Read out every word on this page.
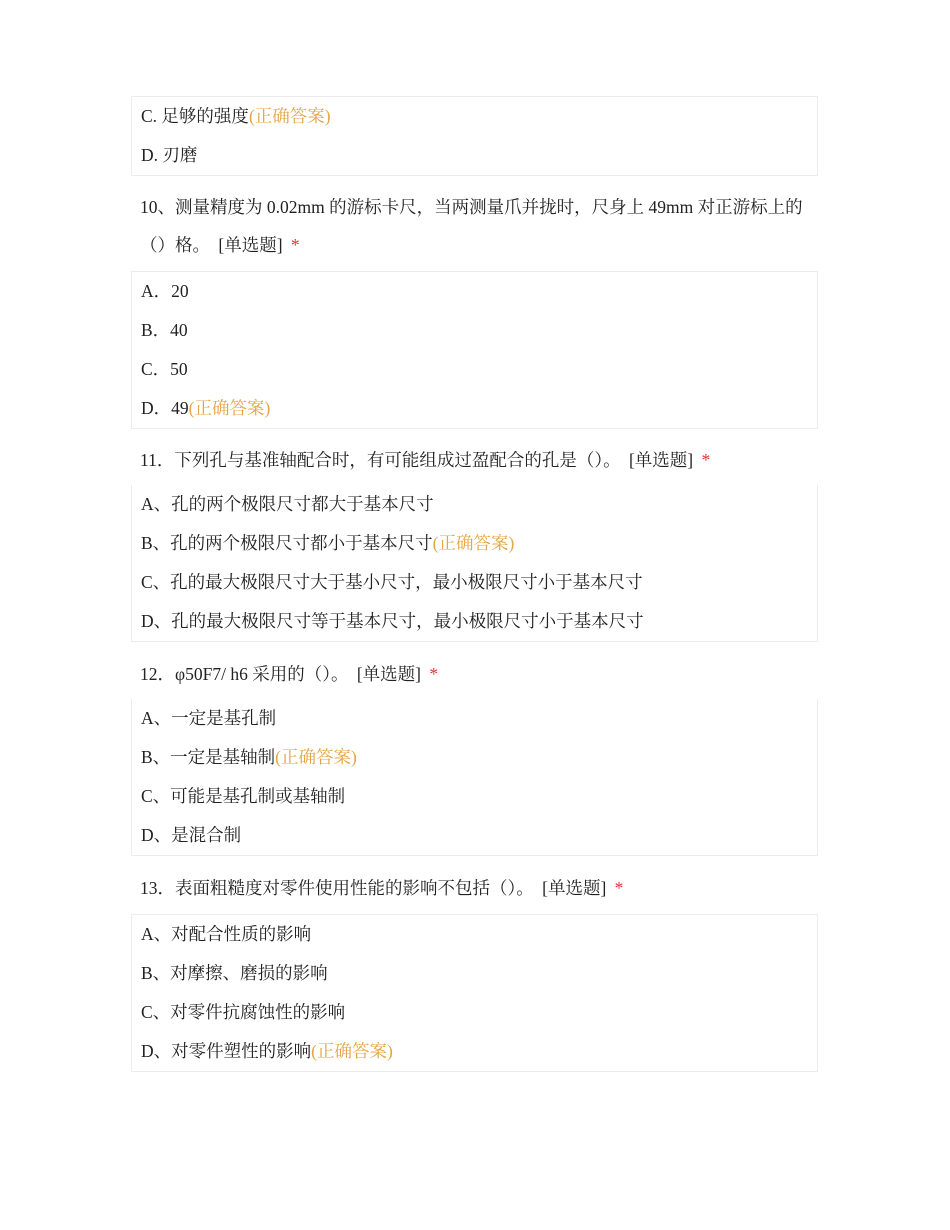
C. 足够的强度(正确答案)
D. 刃磨
10、测量精度为 0.02mm 的游标卡尺，当两测量爪并拢时，尺身上 49mm 对正游标上的（）格。 [单选题] *
A．20
B．40
C．50
D．49(正确答案)
11．下列孔与基准轴配合时，有可能组成过盈配合的孔是（）。 [单选题] *
A、孔的两个极限尺寸都大于基本尺寸
B、孔的两个极限尺寸都小于基本尺寸(正确答案)
C、孔的最大极限尺寸大于基小尺寸，最小极限尺寸小于基本尺寸
D、孔的最大极限尺寸等于基本尺寸，最小极限尺寸小于基本尺寸
12．φ50F7/ h6 采用的（）。 [单选题] *
A、一定是基孔制
B、一定是基轴制(正确答案)
C、可能是基孔制或基轴制
D、是混合制
13．表面粗糙度对零件使用性能的影响不包括（）。 [单选题] *
A、对配合性质的影响
B、对摩擦、磨损的影响
C、对零件抗腐蚀性的影响
D、对零件塑性的影响(正确答案)
